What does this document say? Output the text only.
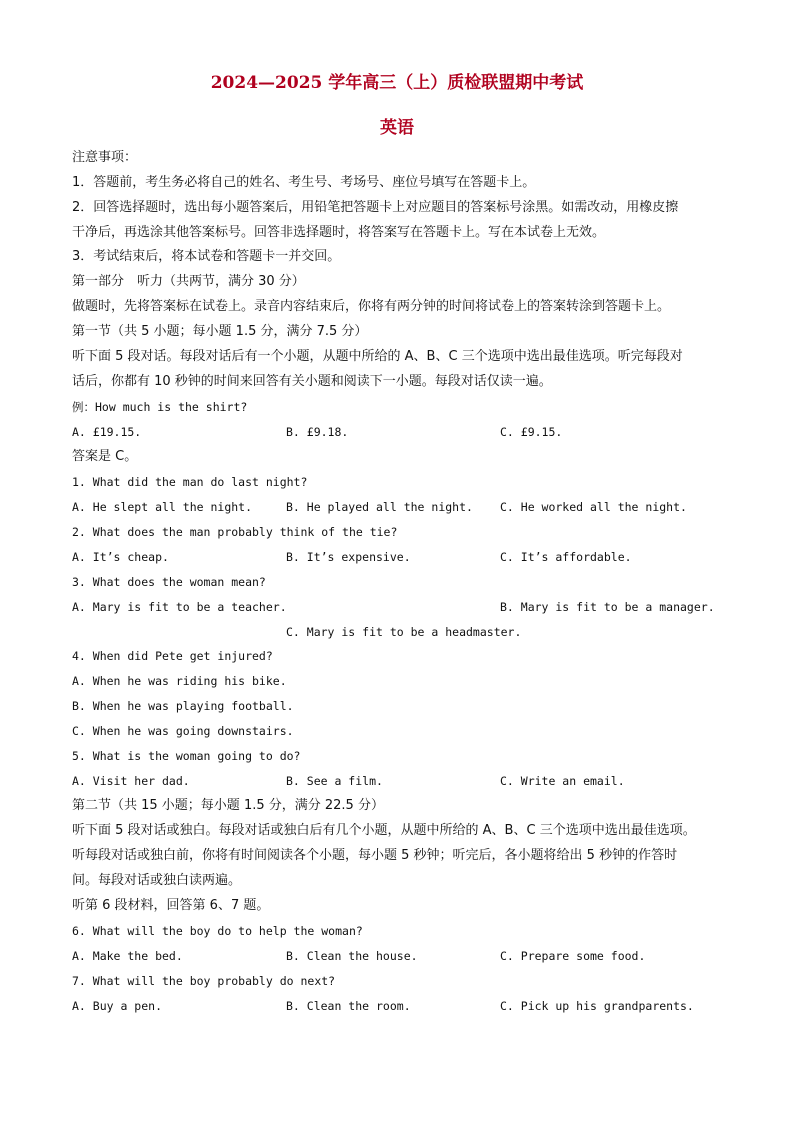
2024—2025 学年高三（上）质检联盟期中考试
英语
注意事项：
1．答题前，考生务必将自己的姓名、考生号、考场号、座位号填写在答题卡上。
2．回答选择题时，选出每小题答案后，用铅笔把答题卡上对应题目的答案标号涂黑。如需改动，用橡皮擦
干净后，再选涂其他答案标号。回答非选择题时，将答案写在答题卡上。写在本试卷上无效。
3．考试结束后，将本试卷和答题卡一并交回。
第一部分　听力（共两节，满分 30 分）
做题时，先将答案标在试卷上。录音内容结束后，你将有两分钟的时间将试卷上的答案转涂到答题卡上。
第一节（共 5 小题；每小题 1.5 分，满分 7.5 分）
听下面 5 段对话。每段对话后有一个小题，从题中所给的 A、B、C 三个选项中选出最佳选项。听完每段对
话后，你都有 10 秒钟的时间来回答有关小题和阅读下一小题。每段对话仅读一遍。
例：How much is the shirt?
A. £19.15.	B. £9.18.	C. £9.15.
答案是 C。
1. What did the man do last night?
A. He slept all the night.	B. He played all the night. C. He worked all the night.
2. What does the man probably think of the tie?
A. It’s cheap.	B. It’s expensive.	C. It’s affordable.
3. What does the woman mean?
A. Mary is fit to be a teacher.	B. Mary is fit to be a manager.
C. Mary is fit to be a headmaster.
4. When did Pete get injured?
A. When he was riding his bike.
B. When he was playing football.
C. When he was going downstairs.
5. What is the woman going to do?
A. Visit her dad.	B. See a film.	C. Write an email.
第二节（共 15 小题；每小题 1.5 分，满分 22.5 分）
听下面 5 段对话或独白。每段对话或独白后有几个小题，从题中所给的 A、B、C 三个选项中选出最佳选项。
听每段对话或独白前，你将有时间阅读各个小题，每小题 5 秒钟；听完后，各小题将给出 5 秒钟的作答时
间。每段对话或独白读两遍。
听第 6 段材料，回答第 6、7 题。
6. What will the boy do to help the woman?
A. Make the bed.	B. Clean the house.	C. Prepare some food.
7. What will the boy probably do next?
A. Buy a pen.	B. Clean the room.	C. Pick up his grandparents.
